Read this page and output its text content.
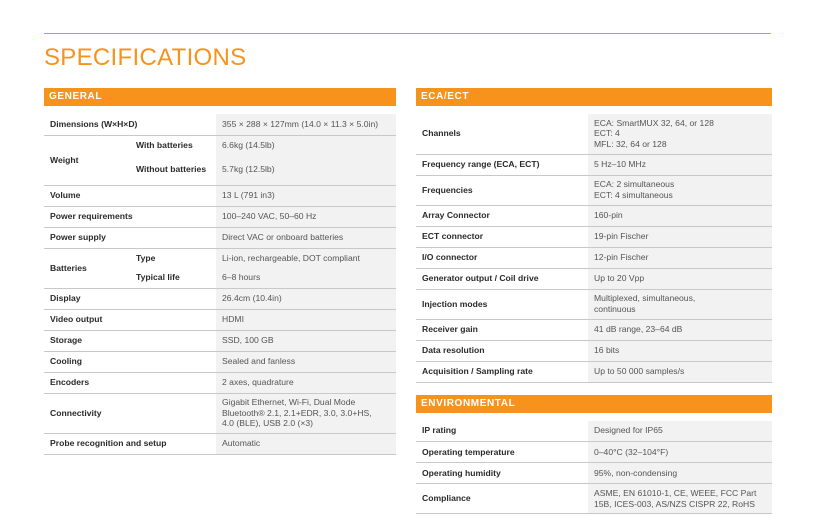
SPECIFICATIONS
GENERAL
Dimensions (W×H×D)		355 × 288 × 127mm (14.0 × 11.3 × 5.0in)
Weight	With batteries	6.6kg (14.5lb)
	Without batteries	5.7kg (12.5lb)
Volume		13 L (791 in3)
Power requirements		100–240 VAC, 50–60 Hz
Power supply		Direct VAC or onboard batteries
Batteries	Type	Li-ion, rechargeable, DOT compliant
	Typical life	6–8 hours
Display		26.4cm (10.4in)
Video output		HDMI
Storage		SSD, 100 GB
Cooling		Sealed and fanless
Encoders		2 axes, quadrature
Connectivity		Gigabit Ethernet, Wi-Fi, Dual Mode
Bluetooth® 2.1, 2.1+EDR, 3.0, 3.0+HS,
4.0 (BLE), USB 2.0 (×3)

Probe recognition and setup		Automatic
ECA/ECT
Channels	ECA: SmartMUX 32, 64, or 128
ECT: 4
MFL: 32, 64 or 128

Frequency range (ECA, ECT)	5 Hz–10 MHz
Frequencies	ECA: 2 simultaneous
ECT: 4 simultaneous

Array Connector	160-pin
ECT connector	19-pin Fischer
I/O connector	12-pin Fischer
Generator output / Coil drive	Up to 20 Vpp
Injection modes	Multiplexed, simultaneous,
continuous

Receiver gain	41 dB range, 23–64 dB
Data resolution	16 bits
Acquisition / Sampling rate	Up to 50 000 samples/s
ENVIRONMENTAL
IP rating	Designed for IP65
Operating temperature	0–40°C (32–104°F)
Operating humidity	95%, non-condensing
Compliance	ASME, EN 61010-1, CE, WEEE, FCC Part
15B, ICES-003, AS/NZS CISPR 22, RoHS
